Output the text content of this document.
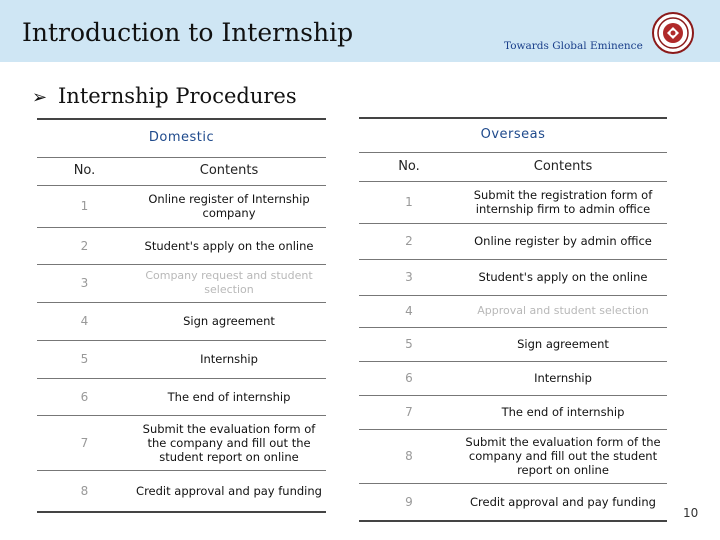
Introduction to Internship	Towards Global Eminence
➢ Internship Procedures
Domestic	
No.	Contents
1	Online register of Internship company
2	Student's apply on the online
3	Company request and student selection
4	Sign agreement
5	Internship
6	The end of internship
7	Submit the evaluation form of the company and fill out the student report on online
8	Credit approval and pay funding
Overseas	
No.	Contents
1	Submit the registration form of internship firm to admin office
2	Online register by admin office
3	Student's apply on the online
4	Approval and student selection
5	Sign agreement
6	Internship
7	The end of internship
8	Submit the evaluation form of the company and fill out the student report on online
9	Credit approval and pay funding
10
